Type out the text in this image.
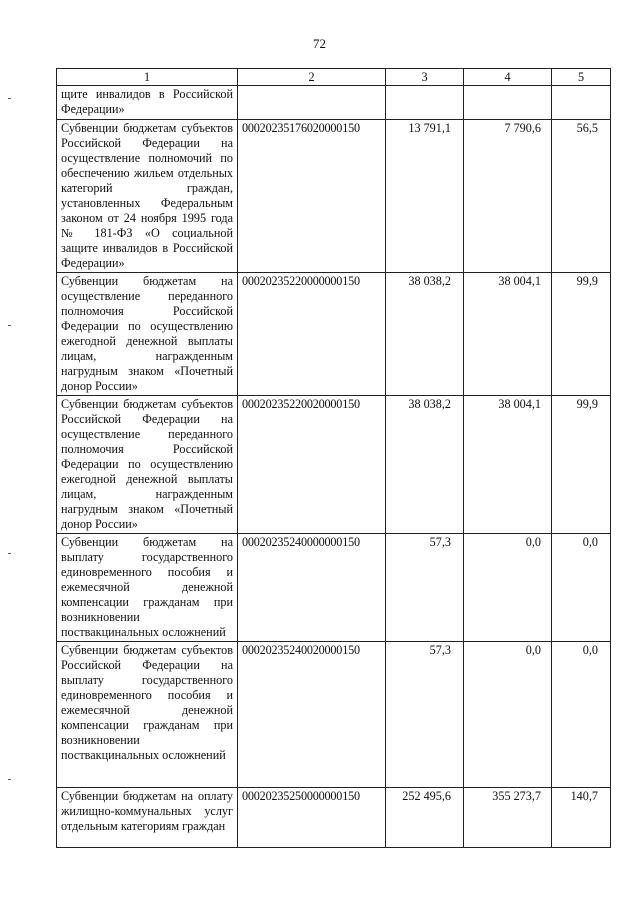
72
1	2	3	4	5
щите инвалидов в Российской Федерации»				
Субвенции бюджетам субъектов Российской Федерации на осуществление полномочий по обеспечению жильем отдельных категорий граждан, установленных Федеральным законом от 24 ноября 1995 года № 181-ФЗ «О социальной защите инвалидов в Российской Федерации»	00020235176020000150	13 791,1	7 790,6	56,5
Субвенции бюджетам на осуществление переданного полномочия Российской Федерации по осуществлению ежегодной денежной выплаты лицам, награжденным нагрудным знаком «Почетный донор России»	00020235220000000150	38 038,2	38 004,1	99,9
Субвенции бюджетам субъектов Российской Федерации на осуществление переданного полномочия Российской Федерации по осуществлению ежегодной денежной выплаты лицам, награжденным нагрудным знаком «Почетный донор России»	00020235220020000150	38 038,2	38 004,1	99,9
Субвенции бюджетам на выплату государственного единовременного пособия и ежемесячной денежной компенсации гражданам при возникновении поствакцинальных осложнений	00020235240000000150	57,3	0,0	0,0
Субвенции бюджетам субъектов Российской Федерации на выплату государственного единовременного пособия и ежемесячной денежной компенсации гражданам при возникновении поствакцинальных осложнений	00020235240020000150	57,3	0,0	0,0
Субвенции бюджетам на оплату жилищно-коммунальных услуг отдельным категориям граждан	00020235250000000150	252 495,6	355 273,7	140,7
